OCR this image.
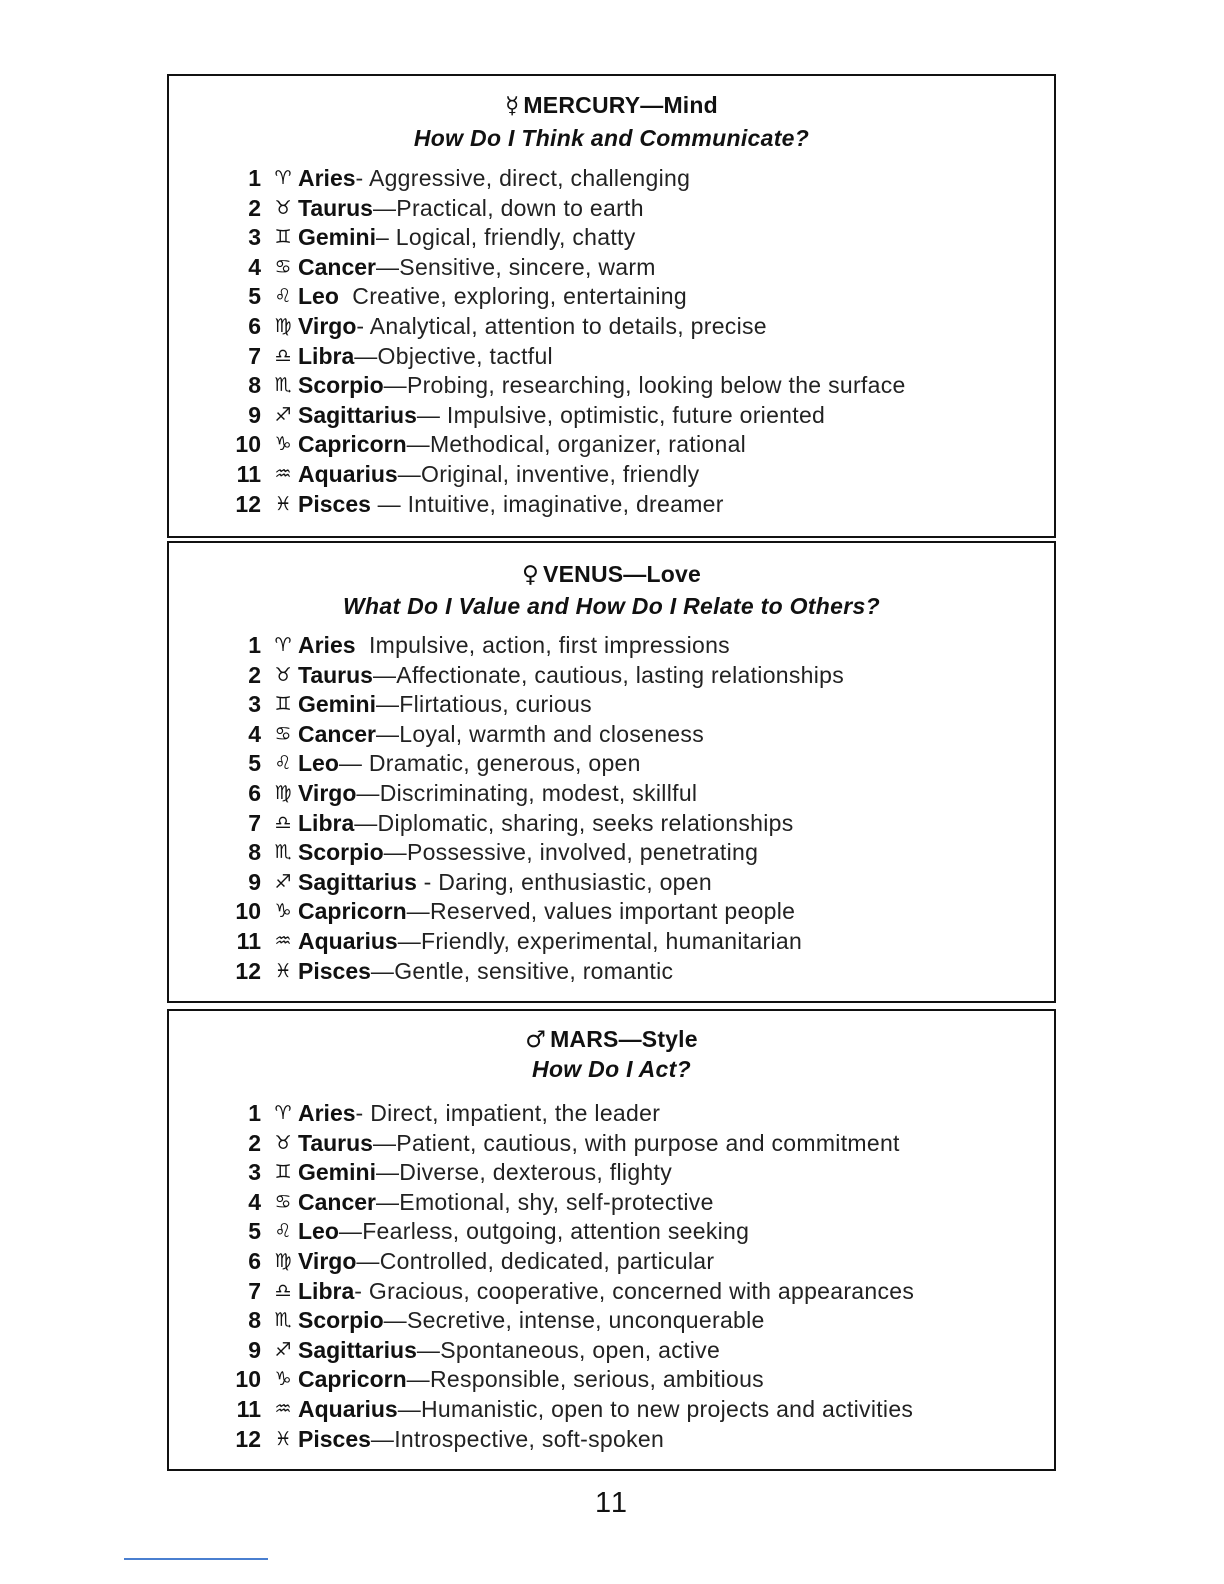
☿ MERCURY—Mind
How Do I Think and Communicate?
1 ♈ Aries- Aggressive, direct, challenging
2 ♉ Taurus—Practical, down to earth
3 ♊ Gemini– Logical, friendly, chatty
4 ♋ Cancer—Sensitive, sincere, warm
5 ♌ Leo Creative, exploring, entertaining
6 ♍ Virgo- Analytical, attention to details, precise
7 ♎ Libra—Objective, tactful
8 ♏ Scorpio—Probing, researching, looking below the surface
9 ♐ Sagittarius— Impulsive, optimistic, future oriented
10 ♑ Capricorn—Methodical, organizer, rational
11 ♒ Aquarius—Original, inventive, friendly
12 ♓ Pisces — Intuitive, imaginative, dreamer
♀ VENUS—Love
What Do I Value and How Do I Relate to Others?
1 ♈ Aries Impulsive, action, first impressions
2 ♉ Taurus—Affectionate, cautious, lasting relationships
3 ♊ Gemini—Flirtatious, curious
4 ♋ Cancer—Loyal, warmth and closeness
5 ♌ Leo— Dramatic, generous, open
6 ♍ Virgo—Discriminating, modest, skillful
7 ♎ Libra—Diplomatic, sharing, seeks relationships
8 ♏ Scorpio—Possessive, involved, penetrating
9 ♐ Sagittarius - Daring, enthusiastic, open
10 ♑ Capricorn—Reserved, values important people
11 ♒ Aquarius—Friendly, experimental, humanitarian
12 ♓ Pisces—Gentle, sensitive, romantic
♂ MARS—Style
How Do I Act?
1 ♈ Aries- Direct, impatient, the leader
2 ♉ Taurus—Patient, cautious, with purpose and commitment
3 ♊ Gemini—Diverse, dexterous, flighty
4 ♋ Cancer—Emotional, shy, self-protective
5 ♌ Leo—Fearless, outgoing, attention seeking
6 ♍ Virgo—Controlled, dedicated, particular
7 ♎ Libra- Gracious, cooperative, concerned with appearances
8 ♏ Scorpio—Secretive, intense, unconquerable
9 ♐ Sagittarius—Spontaneous, open, active
10 ♑ Capricorn—Responsible, serious, ambitious
11 ♒ Aquarius—Humanistic, open to new projects and activities
12 ♓ Pisces—Introspective, soft-spoken
11
